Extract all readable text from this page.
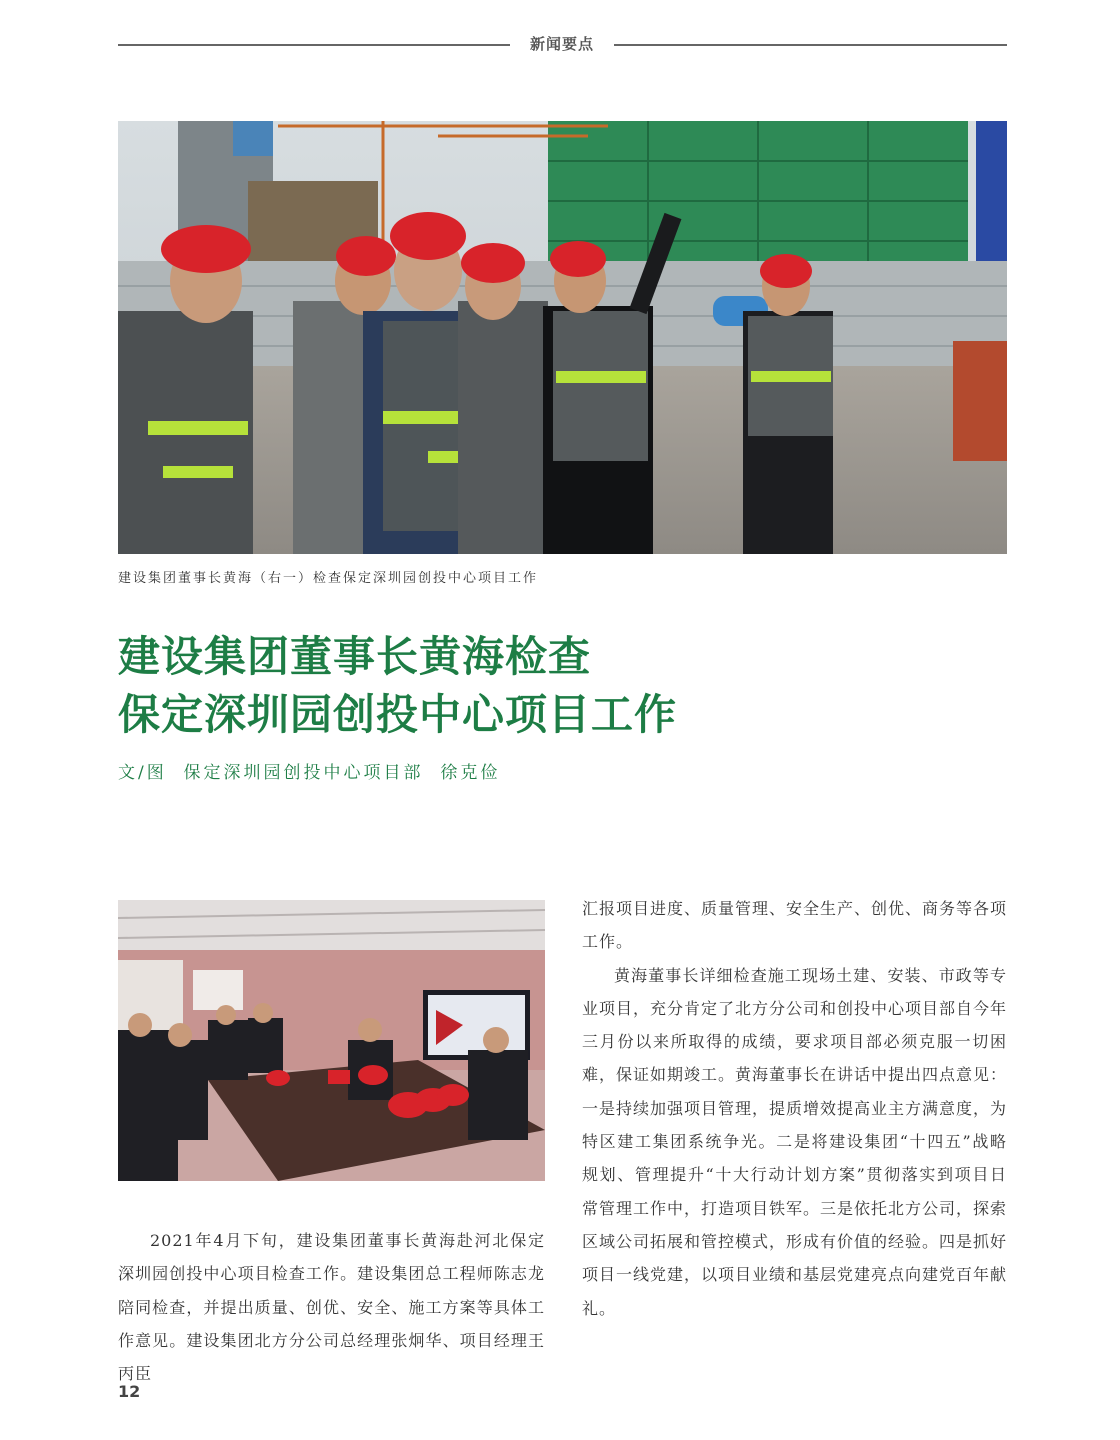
新闻要点
建设集团董事长黄海（右一）检查保定深圳园创投中心项目工作
建设集团董事长黄海检查
保定深圳园创投中心项目工作
文/图  保定深圳园创投中心项目部  徐克俭

2021年4月下旬，建设集团董事长黄海赴河北保定深圳园创投中心项目检查工作。建设集团总工程师陈志龙陪同检查，并提出质量、创优、安全、施工方案等具体工作意见。建设集团北方分公司总经理张炯华、项目经理王丙臣

汇报项目进度、质量管理、安全生产、创优、商务等各项工作。

黄海董事长详细检查施工现场土建、安装、市政等专业项目，充分肯定了北方分公司和创投中心项目部自今年三月份以来所取得的成绩，要求项目部必须克服一切困难，保证如期竣工。黄海董事长在讲话中提出四点意见：一是持续加强项目管理，提质增效提高业主方满意度，为特区建工集团系统争光。二是将建设集团“十四五”战略规划、管理提升“十大行动计划方案”贯彻落实到项目日常管理工作中，打造项目铁军。三是依托北方公司，探索区域公司拓展和管控模式，形成有价值的经验。四是抓好项目一线党建，以项目业绩和基层党建亮点向建党百年献礼。

12
